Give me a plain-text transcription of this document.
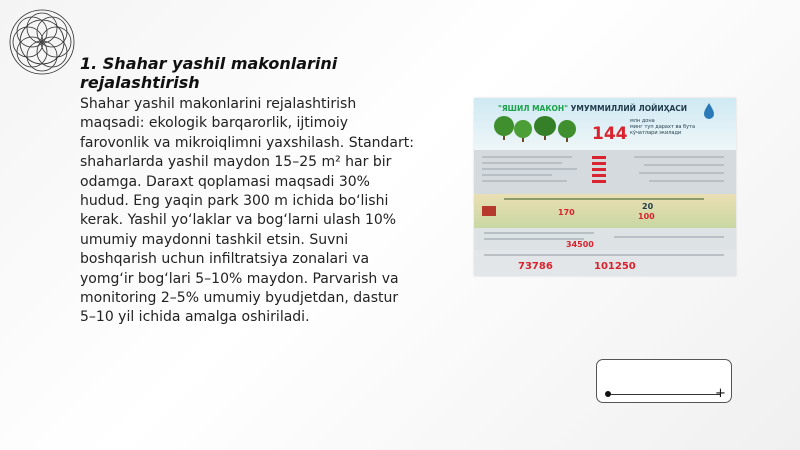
1. Shahar yashil makonlarini rejalashtirish
Shahar yashil makonlarini rejalashtirish maqsadi: ekologik barqarorlik, ijtimoiy farovonlik va mikroiqlimni yaxshilash. Standart: shaharlarda yashil maydon 15–25 m² har bir odamga. Daraxt qoplamasi maqsadi 30% hudud. Eng yaqin park 300 m ichida bo‘lishi kerak. Yashil yo‘laklar va bog‘larni ulash 10% umumiy maydonni tashkil etsin. Suvni boshqarish uchun infiltratsiya zonalari va yomg‘ir bog‘lari 5–10% maydon. Parvarish va monitoring 2–5% umumiy byudjetdan, dastur 5–10 yil ichida amalga oshiriladi.
"ЯШИЛ МАКОН" УМУММИЛЛИЙ ЛОЙИҲАСИ
144
млн дона
минг туп дарахт ва бута
кўчатлари экилади
170
20
100
34500
73786	101250
+
